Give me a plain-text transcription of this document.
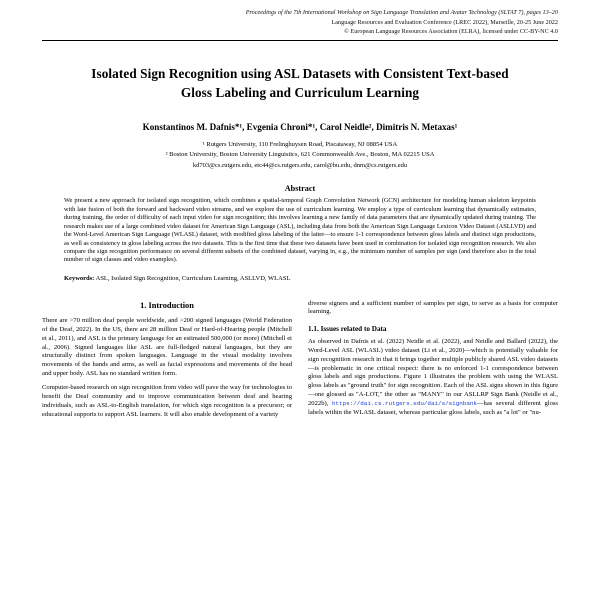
Proceedings of the 7th International Workshop on Sign Language Translation and Avatar Technology (SLTAT 7), pages 13–20
Language Resources and Evaluation Conference (LREC 2022), Marseille, 20-25 June 2022
© European Language Resources Association (ELRA), licensed under CC-BY-NC 4.0
Isolated Sign Recognition using ASL Datasets with Consistent Text-based
Gloss Labeling and Curriculum Learning
Konstantinos M. Dafnis*¹, Evgenia Chroni*¹, Carol Neidle², Dimitris N. Metaxas¹
¹ Rutgers University, 110 Frelinghuysen Road, Piscataway, NJ 08854 USA
² Boston University, Boston University Linguistics, 621 Commonwealth Ave., Boston, MA 02215 USA
kd703@cs.rutgers.edu, etc44@cs.rutgers.edu, carol@bu.edu, dnm@cs.rutgers.edu
Abstract
We present a new approach for isolated sign recognition, which combines a spatial-temporal Graph Convolution Network (GCN) architecture for modeling human skeleton keypoints with late fusion of both the forward and backward video streams, and we explore the use of curriculum learning. We employ a type of curriculum learning that dynamically estimates, during training, the order of difficulty of each input video for sign recognition; this involves learning a new family of data parameters that are dynamically updated during training. The research makes use of a large combined video dataset for American Sign Language (ASL), including data from both the American Sign Language Lexicon Video Dataset (ASLLVD) and the Word-Level American Sign Language (WLASL) dataset, with modified gloss labeling of the latter—to ensure 1-1 correspondence between gloss labels and distinct sign productions, as well as consistency in gloss labeling across the two datasets. This is the first time that these two datasets have been used in combination for isolated sign recognition research. We also compare the sign recognition performance on several different subsets of the combined dataset, varying in, e.g., the minimum number of samples per sign (and therefore also in the total number of sign classes and video examples).
Keywords: ASL, Isolated Sign Recognition, Curriculum Learning, ASLLVD, WLASL
1. Introduction

There are >70 million deaf people worldwide, and >200 signed languages (World Federation of the Deaf, 2022). In the US, there are 28 million Deaf or Hard-of-Hearing people (Mitchell et al., 2011), and ASL is the primary language for an estimated 500,000 (or more) (Mitchell et al., 2006). Signed languages like ASL are full-fledged natural languages, but they are structurally distinct from spoken languages. Language in the visual modality involves movements of the hands and arms, as well as facial expressions and movements of the head and upper body. ASL has no standard written form.

Computer-based research on sign recognition from video will pave the way for technologies to benefit the Deaf community and to improve communication between deaf and hearing individuals, such as ASL-to-English translation, for which sign recognition is a precursor; or educational supports to support ASL learners. It will also enable development of a variety

diverse signers and a sufficient number of samples per sign, to serve as a basis for computer learning.

1.1. Issues related to Data

As observed in Dafnis et al. (2022) Neidle et al. (2022), and Neidle and Ballard (2022), the Word-Level ASL (WLASL) video dataset (Li et al., 2020)—which is potentially valuable for sign recognition research in that it brings together multiple publicly shared ASL video datasets—is problematic in one critical respect: there is no enforced 1-1 correspondence between gloss labels and sign productions. Figure 1 illustrates the problem with using the WLASL gloss labels as "ground truth" for sign recognition. Each of the ASL signs shown in this figure—one glossed as "A-LOT," the other as "MANY" in our ASLLRP Sign Bank (Neidle et al., 2022b), https://dai.cs.rutgers.edu/dai/s/signbank—has several different gloss labels within the WLASL dataset, whereas particular gloss labels, such as "a lot" or "nu-
